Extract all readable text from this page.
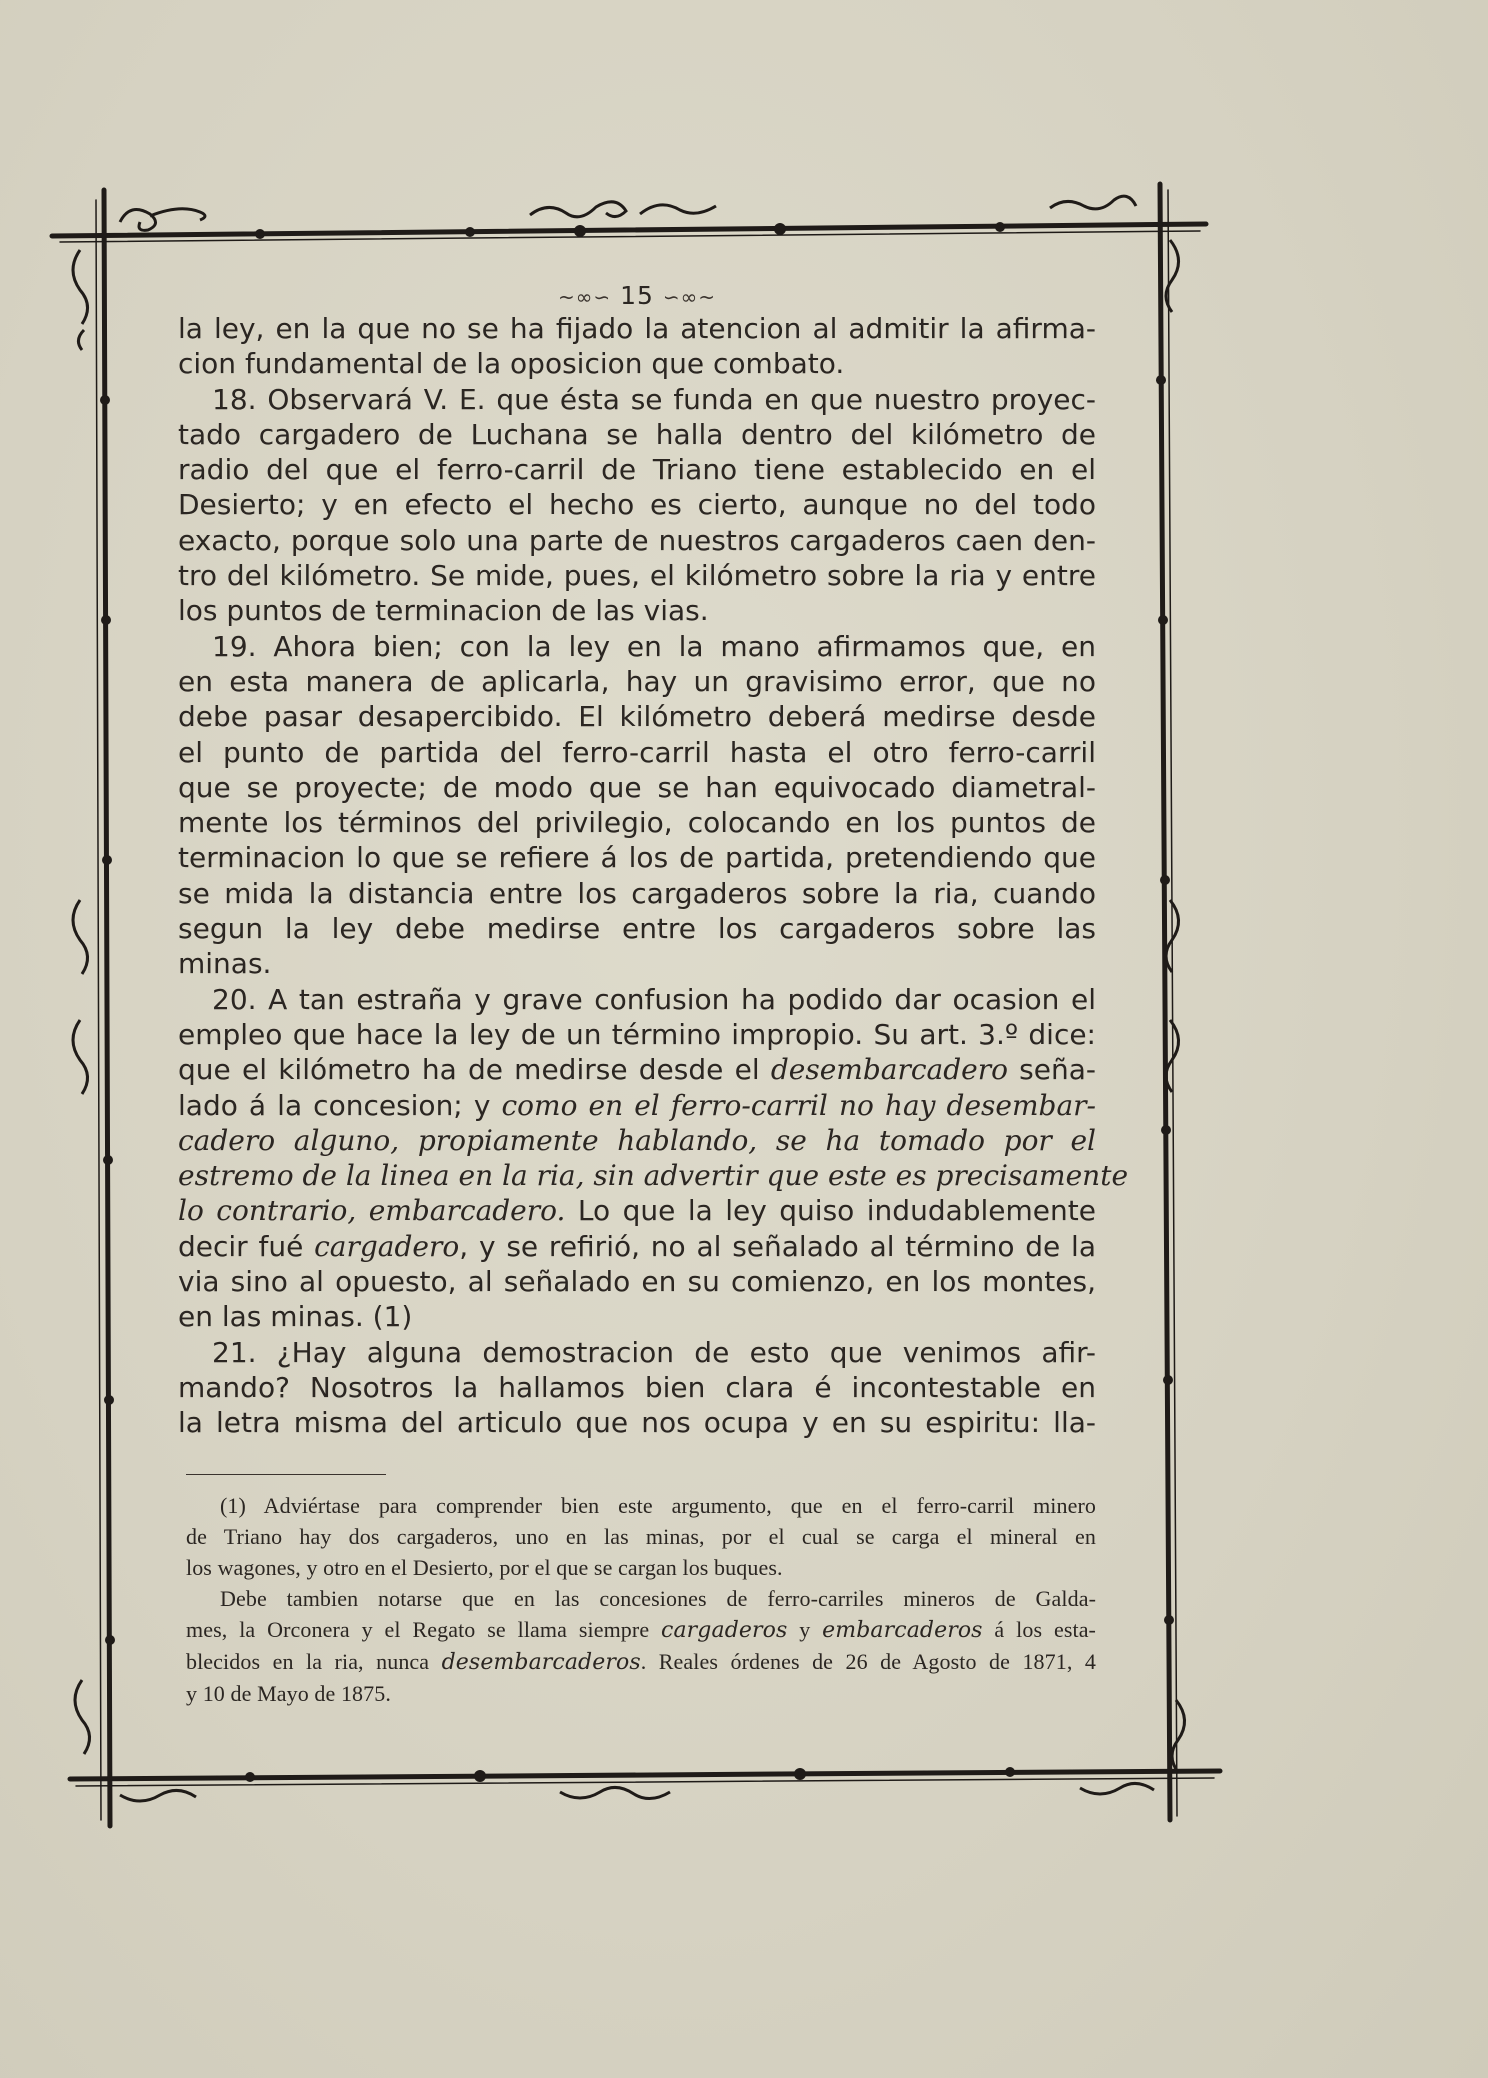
~∞∽ 15 ∽∞~
la ley, en la que no se ha fijado la atencion al admitir la afirma-
cion fundamental de la oposicion que combato.
18. Observará V. E. que ésta se funda en que nuestro proyec-
tado cargadero de Luchana se halla dentro del kilómetro de
radio del que el ferro-carril de Triano tiene establecido en el
Desierto; y en efecto el hecho es cierto, aunque no del todo
exacto, porque solo una parte de nuestros cargaderos caen den-
tro del kilómetro. Se mide, pues, el kilómetro sobre la ria y entre
los puntos de terminacion de las vias.
19. Ahora bien; con la ley en la mano afirmamos que, en
en esta manera de aplicarla, hay un gravisimo error, que no
debe pasar desapercibido. El kilómetro deberá medirse desde
el punto de partida del ferro-carril hasta el otro ferro-carril
que se proyecte; de modo que se han equivocado diametral-
mente los términos del privilegio, colocando en los puntos de
terminacion lo que se refiere á los de partida, pretendiendo que
se mida la distancia entre los cargaderos sobre la ria, cuando
segun la ley debe medirse entre los cargaderos sobre las
minas.
20. A tan estraña y grave confusion ha podido dar ocasion el
empleo que hace la ley de un término impropio. Su art. 3.º dice:
que el kilómetro ha de medirse desde el desembarcadero seña-
lado á la concesion; y como en el ferro-carril no hay desembar-
cadero alguno, propiamente hablando, se ha tomado por el
estremo de la linea en la ria, sin advertir que este es precisamente
lo contrario, embarcadero. Lo que la ley quiso indudablemente
decir fué cargadero, y se refirió, no al señalado al término de la
via sino al opuesto, al señalado en su comienzo, en los montes,
en las minas. (1)
21. ¿Hay alguna demostracion de esto que venimos afir-
mando? Nosotros la hallamos bien clara é incontestable en
la letra misma del articulo que nos ocupa y en su espiritu: lla-
(1) Adviértase para comprender bien este argumento, que en el ferro-carril minero
de Triano hay dos cargaderos, uno en las minas, por el cual se carga el mineral en
los wagones, y otro en el Desierto, por el que se cargan los buques.
Debe tambien notarse que en las concesiones de ferro-carriles mineros de Galda-
mes, la Orconera y el Regato se llama siempre cargaderos y embarcaderos á los esta-
blecidos en la ria, nunca desembarcaderos. Reales órdenes de 26 de Agosto de 1871, 4
y 10 de Mayo de 1875.
